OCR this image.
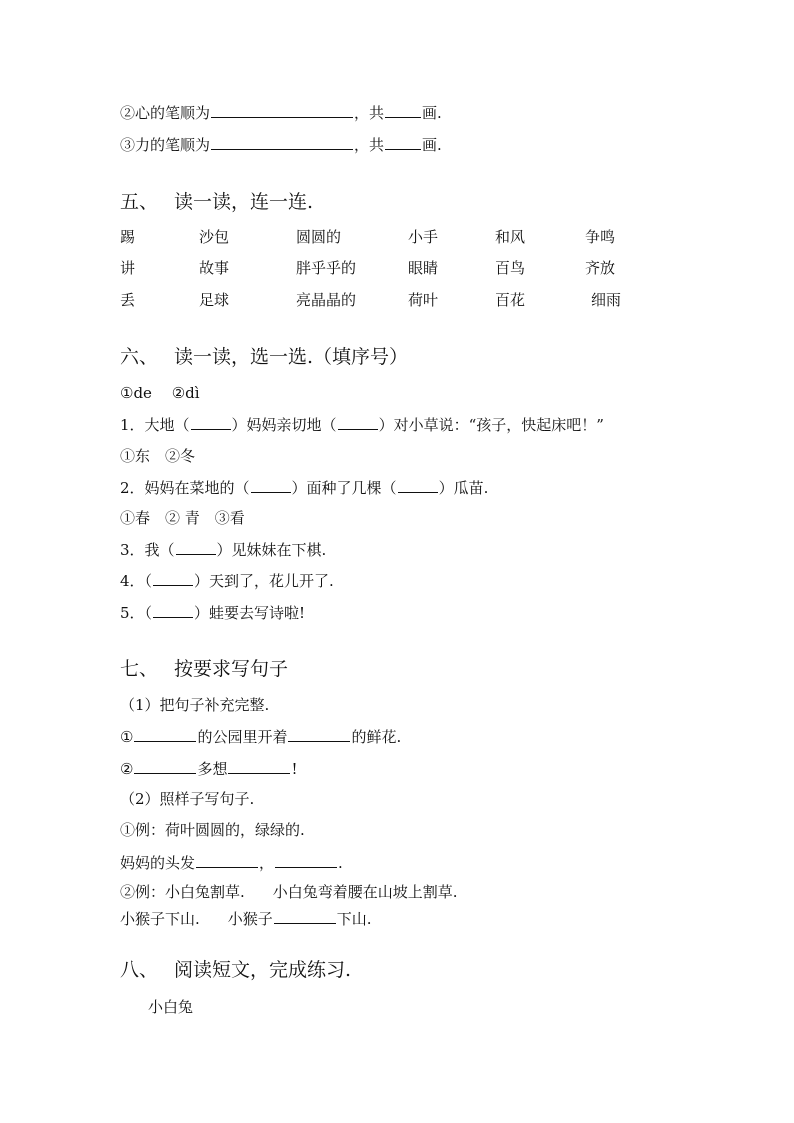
②心的笔顺为	，共	画.
③力的笔顺为	，共	画.
五、 读一读，连一连.
踢	沙包	圆圆的	小手	和风	争鸣
讲	故事	胖乎乎的	眼睛	百鸟	齐放
丢	足球	亮晶晶的	荷叶	百花	细雨
六、 读一读，选一选.（填序号）
①de　 ②dì
1．大地（	）妈妈亲切地（	）对小草说：“孩子，快起床吧！”
①东　②冬
2．妈妈在菜地的（	）面种了几棵（	）瓜苗.
①春　② 青　③看
3．我（	）见妹妹在下棋.
4．（	）天到了，花儿开了.
5．（	）蛙要去写诗啦!
七、 按要求写句子
（1）把句子补充完整.
①	的公园里开着	的鲜花.
②	多想	!
（2）照样子写句子.
①例：荷叶圆圆的，绿绿的.
妈妈的头发	，	.
②例：小白兔割草. 小白兔弯着腰在山坡上割草.
小猴子下山. 小猴子	下山.
八、 阅读短文，完成练习.
小白兔
